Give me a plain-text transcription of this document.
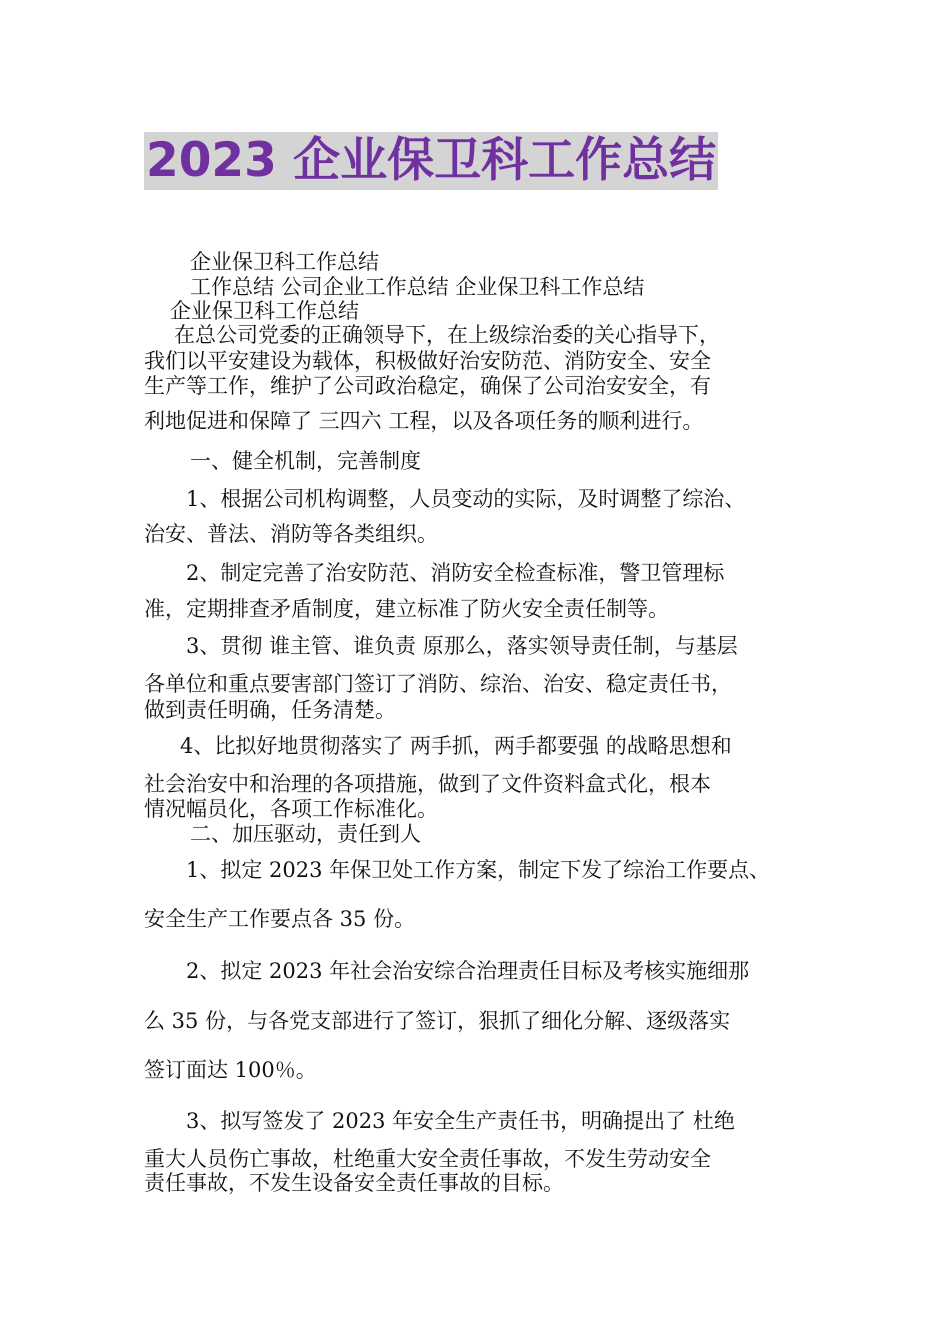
2023 企业保卫科工作总结
企业保卫科工作总结
工作总结 公司企业工作总结 企业保卫科工作总结
企业保卫科工作总结
在总公司党委的正确领导下，在上级综治委的关心指导下，
我们以平安建设为载体，积极做好治安防范、消防安全、安全
生产等工作，维护了公司政治稳定，确保了公司治安安全，有
利地促进和保障了 三四六 工程，以及各项任务的顺利进行。
一、健全机制，完善制度
1、根据公司机构调整，人员变动的实际，及时调整了综治、
治安、普法、消防等各类组织。
2、制定完善了治安防范、消防安全检查标准，警卫管理标
准，定期排查矛盾制度，建立标准了防火安全责任制等。
3、贯彻 谁主管、谁负责 原那么，落实领导责任制，与基层
各单位和重点要害部门签订了消防、综治、治安、稳定责任书，
做到责任明确，任务清楚。
4、比拟好地贯彻落实了 两手抓，两手都要强 的战略思想和
社会治安中和治理的各项措施，做到了文件资料盒式化，根本
情况幅员化，各项工作标准化。
二、加压驱动，责任到人
1、拟定 2023 年保卫处工作方案，制定下发了综治工作要点、
安全生产工作要点各 35 份。
2、拟定 2023 年社会治安综合治理责任目标及考核实施细那
么 35 份，与各党支部进行了签订，狠抓了细化分解、逐级落实
签订面达 100％。
3、拟写签发了 2023 年安全生产责任书，明确提出了 杜绝
重大人员伤亡事故，杜绝重大安全责任事故，不发生劳动安全
责任事故，不发生设备安全责任事故的目标。
